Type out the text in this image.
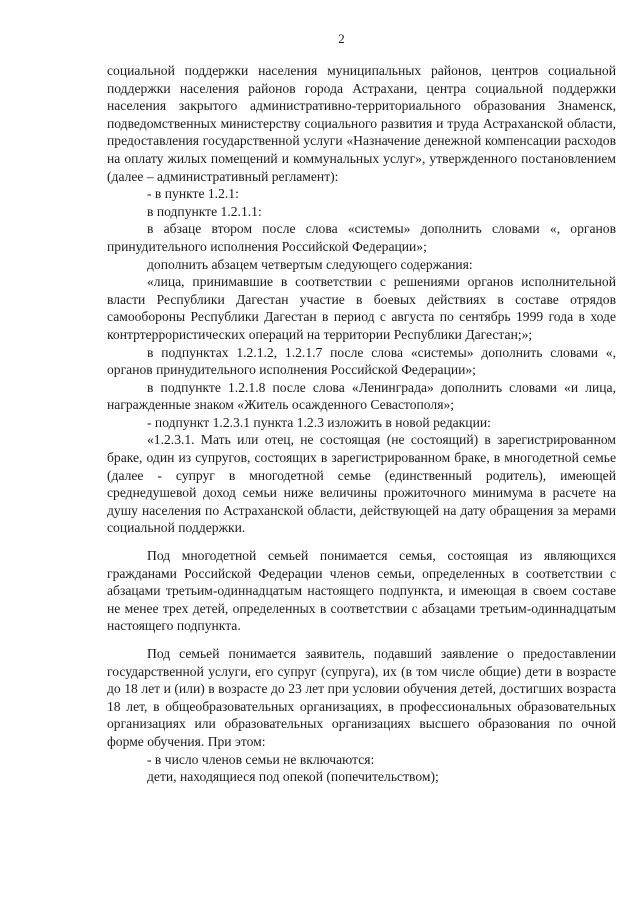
2

социальной поддержки населения муниципальных районов, центров социальной поддержки населения районов города Астрахани, центра социальной поддержки населения закрытого административно-территориального образования Знаменск, подведомственных министерству социального развития и труда Астраханской области, предоставления государственной услуги «Назначение денежной компенсации расходов на оплату жилых помещений и коммунальных услуг», утвержденного постановлением (далее – административный регламент):

- в пункте 1.2.1:

в подпункте 1.2.1.1:

в абзаце втором после слова «системы» дополнить словами «, органов принудительного исполнения Российской Федерации»;

дополнить абзацем четвертым следующего содержания:

«лица, принимавшие в соответствии с решениями органов исполнительной власти Республики Дагестан участие в боевых действиях в составе отрядов самообороны Республики Дагестан в период с августа по сентябрь 1999 года в ходе контртеррористических операций на территории Республики Дагестан;»;

в подпунктах 1.2.1.2, 1.2.1.7 после слова «системы» дополнить словами «, органов принудительного исполнения Российской Федерации»;

в подпункте 1.2.1.8 после слова «Ленинграда» дополнить словами «и лица, награжденные знаком «Житель осажденного Севастополя»;

- подпункт 1.2.3.1 пункта 1.2.3 изложить в новой редакции:

«1.2.3.1. Мать или отец, не состоящая (не состоящий) в зарегистрированном браке, один из супругов, состоящих в зарегистрированном браке, в многодетной семье (далее - супруг в многодетной семье (единственный родитель), имеющей среднедушевой доход семьи ниже величины прожиточного минимума в расчете на душу населения по Астраханской области, действующей на дату обращения за мерами социальной поддержки.

Под многодетной семьей понимается семья, состоящая из являющихся гражданами Российской Федерации членов семьи, определенных в соответствии с абзацами третьим-одиннадцатым настоящего подпункта, и имеющая в своем составе не менее трех детей, определенных в соответствии с абзацами третьим-одиннадцатым настоящего подпункта.

Под семьей понимается заявитель, подавший заявление о предоставлении государственной услуги, его супруг (супруга), их (в том числе общие) дети в возрасте до 18 лет и (или) в возрасте до 23 лет при условии обучения детей, достигших возраста 18 лет, в общеобразовательных организациях, в профессиональных образовательных организациях или образовательных организациях высшего образования по очной форме обучения. При этом:

- в число членов семьи не включаются:

дети, находящиеся под опекой (попечительством);
